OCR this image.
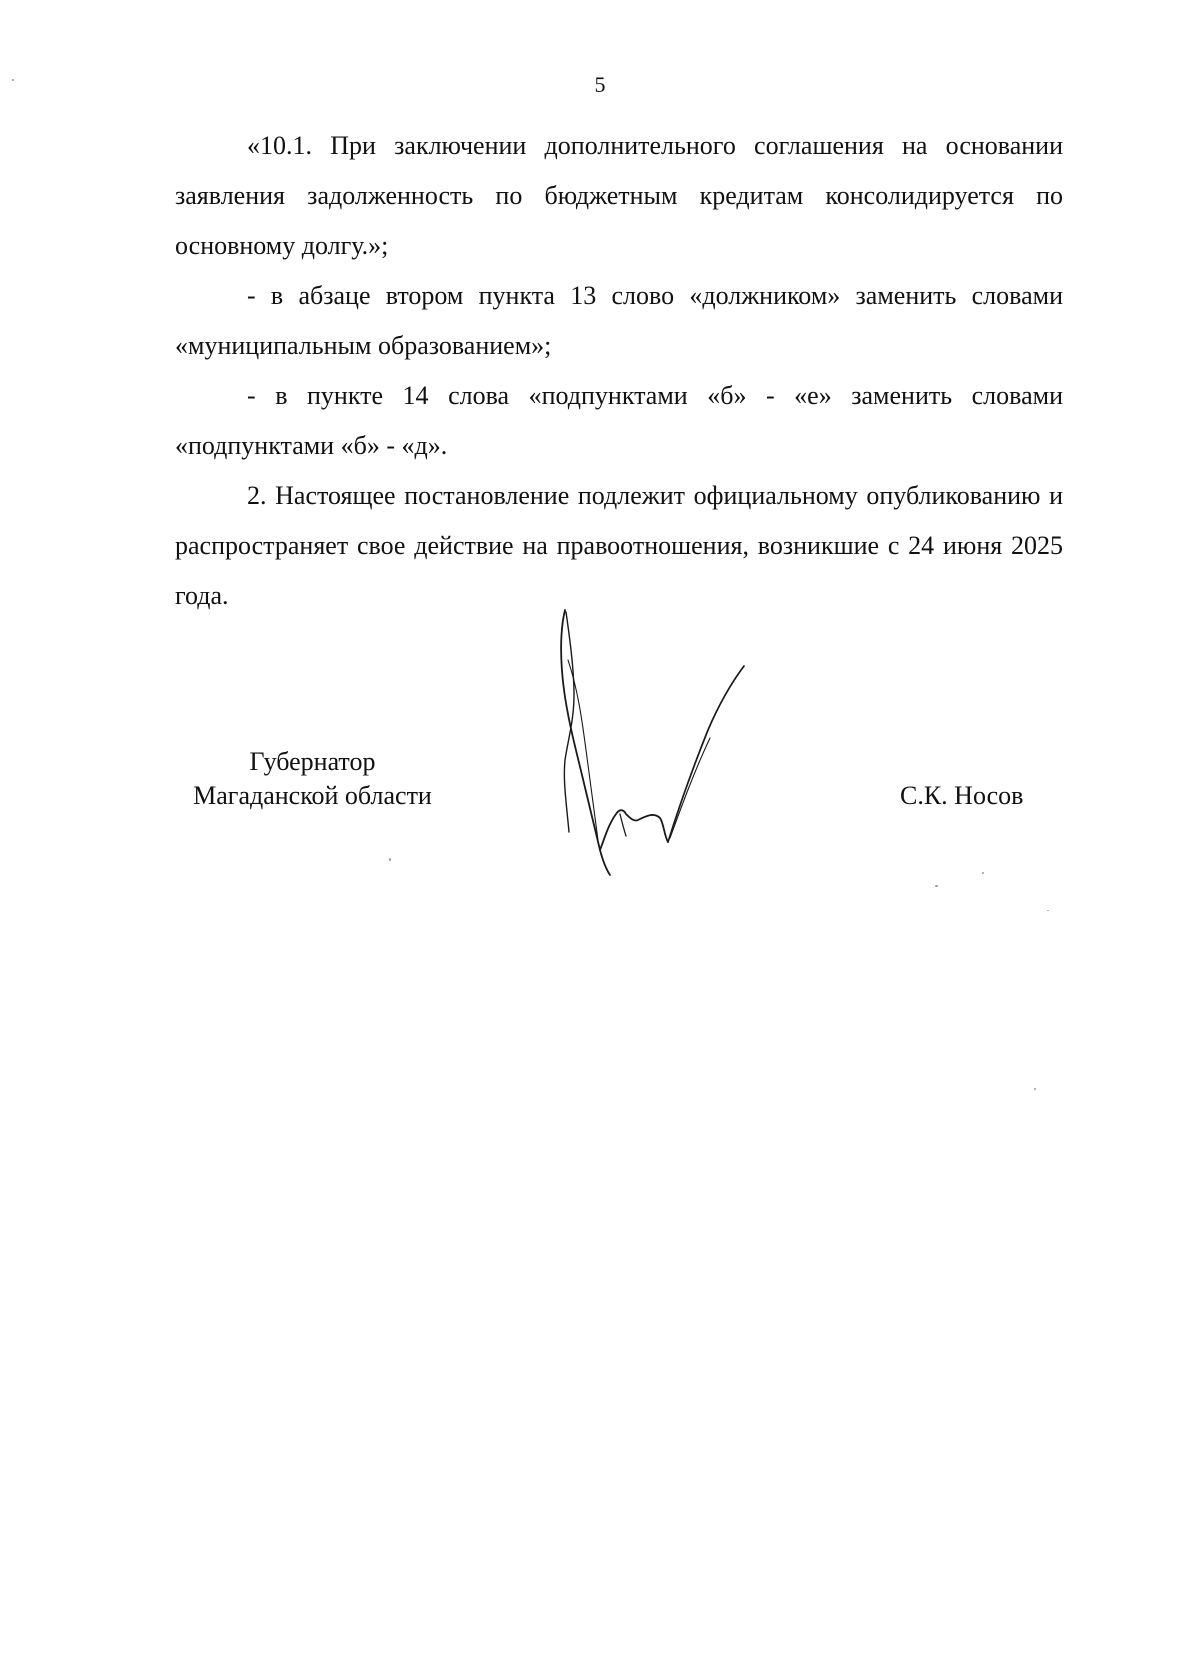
5

«10.1. При заключении дополнительного соглашения на основании заявления задолженность по бюджетным кредитам консолидируется по основному долгу.»;

- в абзаце втором пункта 13 слово «должником» заменить словами «муниципальным образованием»;

- в пункте 14 слова «подпунктами «б» - «е» заменить словами «подпунктами «б» - «д».

2. Настоящее постановление подлежит официальному опубликованию и распространяет свое действие на правоотношения, возникшие с 24 июня 2025 года.

Губернатор
Магаданской области	С.К. Носов
